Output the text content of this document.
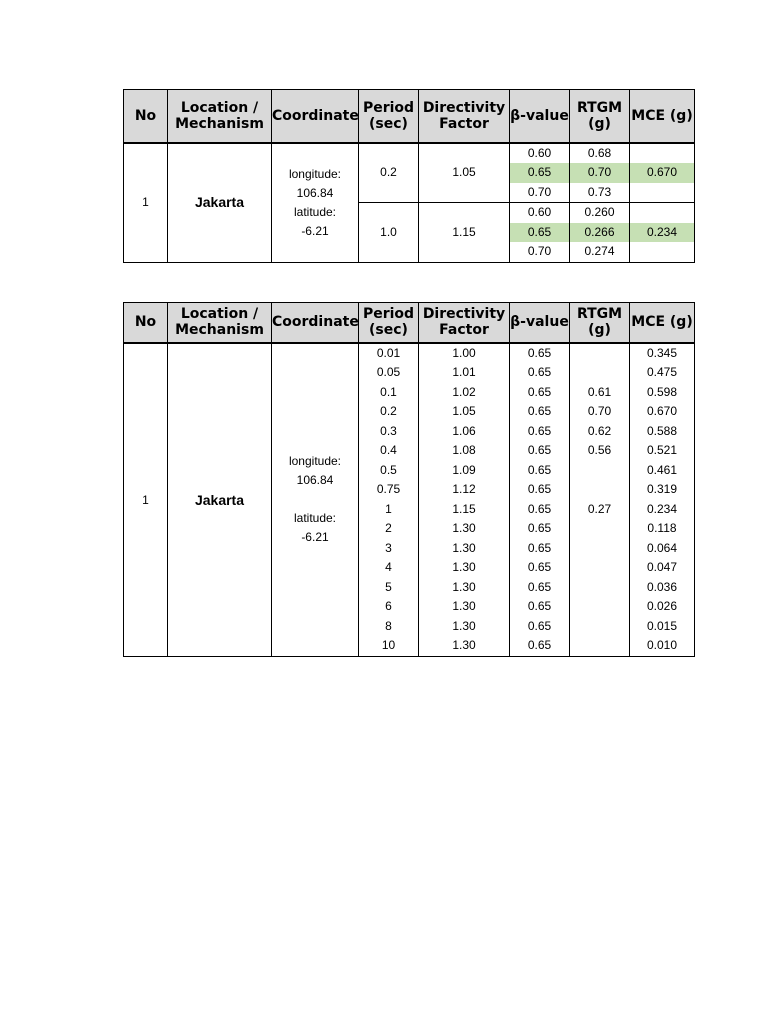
No	Location / Mechanism	Coordinate	Period (sec)	Directivity Factor	β-value	RTGM (g)	MCE (g)
1	Jakarta	longitude:
106.84
latitude:
-6.21	0.2	1.05	0.60	0.68	
					0.65	0.70	0.670
					0.70	0.73	
			1.0	1.15	0.60	0.260	
					0.65	0.266	0.234
					0.70	0.274	
No	Location / Mechanism	Coordinate	Period (sec)	Directivity Factor	β-value	RTGM (g)	MCE (g)
1	Jakarta	longitude:
106.84
latitude:
-6.21	0.01	1.00	0.65		0.345
			0.05	1.01	0.65		0.475
			0.1	1.02	0.65	0.61	0.598
			0.2	1.05	0.65	0.70	0.670
			0.3	1.06	0.65	0.62	0.588
			0.4	1.08	0.65	0.56	0.521
			0.5	1.09	0.65		0.461
			0.75	1.12	0.65		0.319
			1	1.15	0.65	0.27	0.234
			2	1.30	0.65		0.118
			3	1.30	0.65		0.064
			4	1.30	0.65		0.047
			5	1.30	0.65		0.036
			6	1.30	0.65		0.026
			8	1.30	0.65		0.015
			10	1.30	0.65		0.010
